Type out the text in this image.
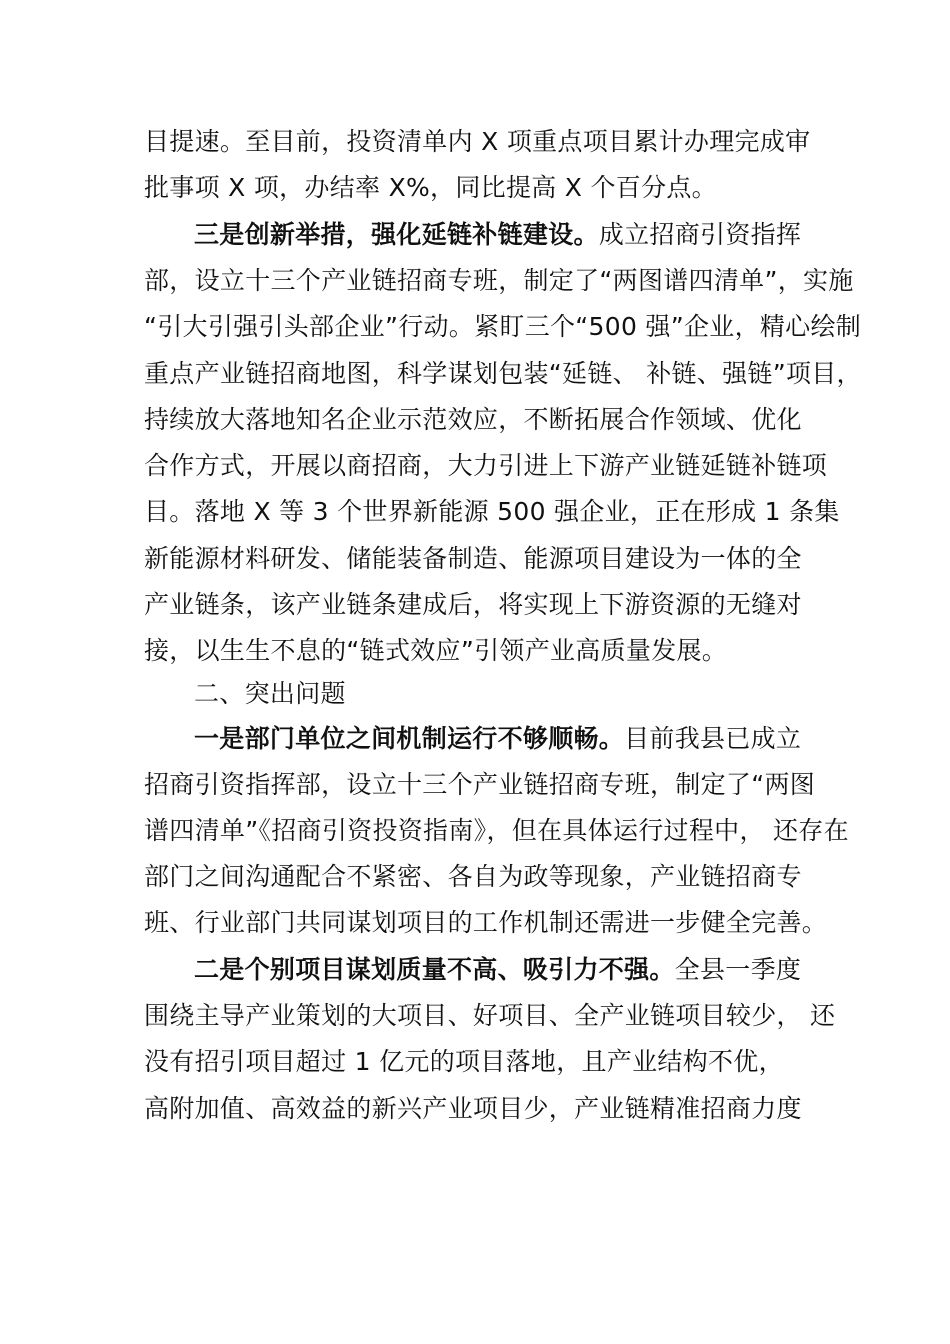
目提速。至目前，投资清单内 X 项重点项目累计办理完成审
批事项 X 项，办结率 X%，同比提高 X 个百分点。
三是创新举措，强化延链补链建设。成立招商引资指挥
部，设立十三个产业链招商专班，制定了“两图谱四清单”，实施
“引大引强引头部企业”行动。紧盯三个“500 强”企业，精心绘制
重点产业链招商地图，科学谋划包装“延链、 补链、强链”项目，
持续放大落地知名企业示范效应，不断拓展合作领域、优化
合作方式，开展以商招商，大力引进上下游产业链延链补链项
目。落地 X 等 3 个世界新能源 500 强企业，正在形成 1 条集
新能源材料研发、储能装备制造、能源项目建设为一体的全
产业链条，该产业链条建成后，将实现上下游资源的无缝对
接，以生生不息的“链式效应”引领产业高质量发展。
二、突出问题
一是部门单位之间机制运行不够顺畅。目前我县已成立
招商引资指挥部，设立十三个产业链招商专班，制定了“两图
谱四清单”《招商引资投资指南》，但在具体运行过程中， 还存在
部门之间沟通配合不紧密、各自为政等现象，产业链招商专
班、行业部门共同谋划项目的工作机制还需进一步健全完善。
二是个别项目谋划质量不高、吸引力不强。全县一季度
围绕主导产业策划的大项目、好项目、全产业链项目较少， 还
没有招引项目超过 1 亿元的项目落地，且产业结构不优，
高附加值、高效益的新兴产业项目少，产业链精准招商力度
